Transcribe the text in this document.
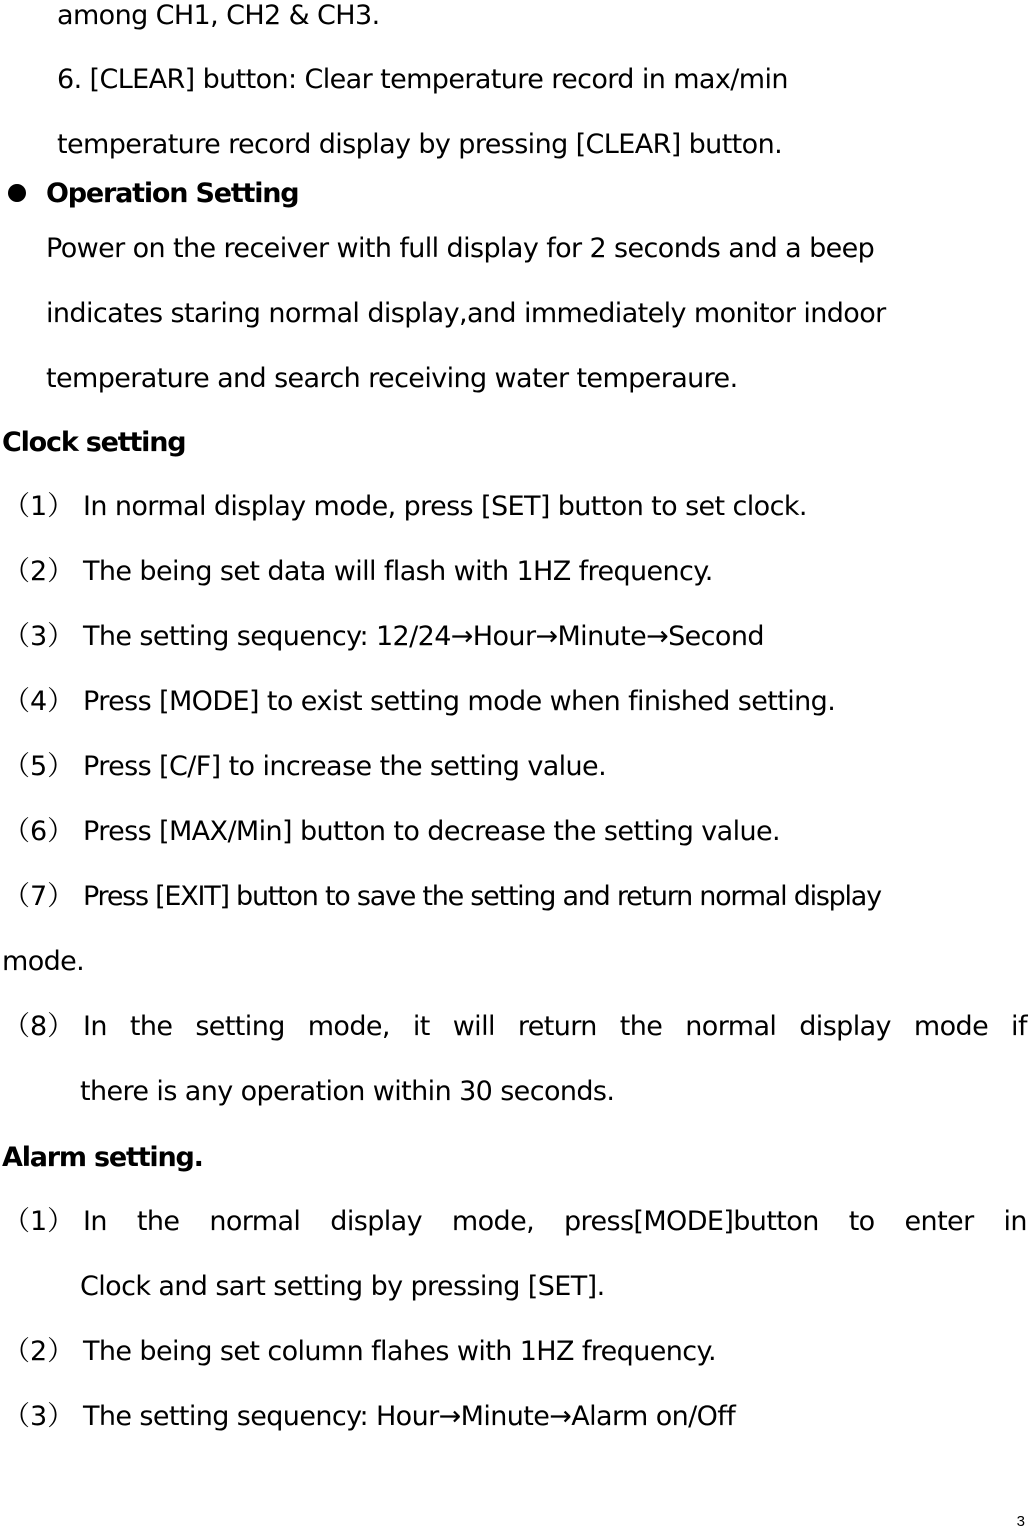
among CH1, CH2 & CH3.
6. [CLEAR] button: Clear temperature record in max/min
temperature record display by pressing [CLEAR] button.
Operation Setting
Power on the receiver with full display for 2 seconds and a beep
indicates staring normal display,and immediately monitor indoor
temperature and search receiving water temperaure.
Clock setting
（1） In normal display mode, press [SET] button to set clock.
（2） The being set data will flash with 1HZ frequency.
（3） The setting sequency: 12/24→Hour→Minute→Second
（4） Press [MODE] to exist setting mode when finished setting.
（5） Press [C/F] to increase the setting value.
（6） Press [MAX/Min] button to decrease the setting value.
（7） Press [EXIT] button to save the setting and return normal display
mode.
（8） In the setting mode, it will return the normal display mode if
there is any operation within 30 seconds.
Alarm setting.
（1） In the normal display mode, press[MODE]button to enter in
Clock and sart setting by pressing [SET].
（2） The being set column flahes with 1HZ frequency.
（3） The setting sequency: Hour→Minute→Alarm on/Off
3
